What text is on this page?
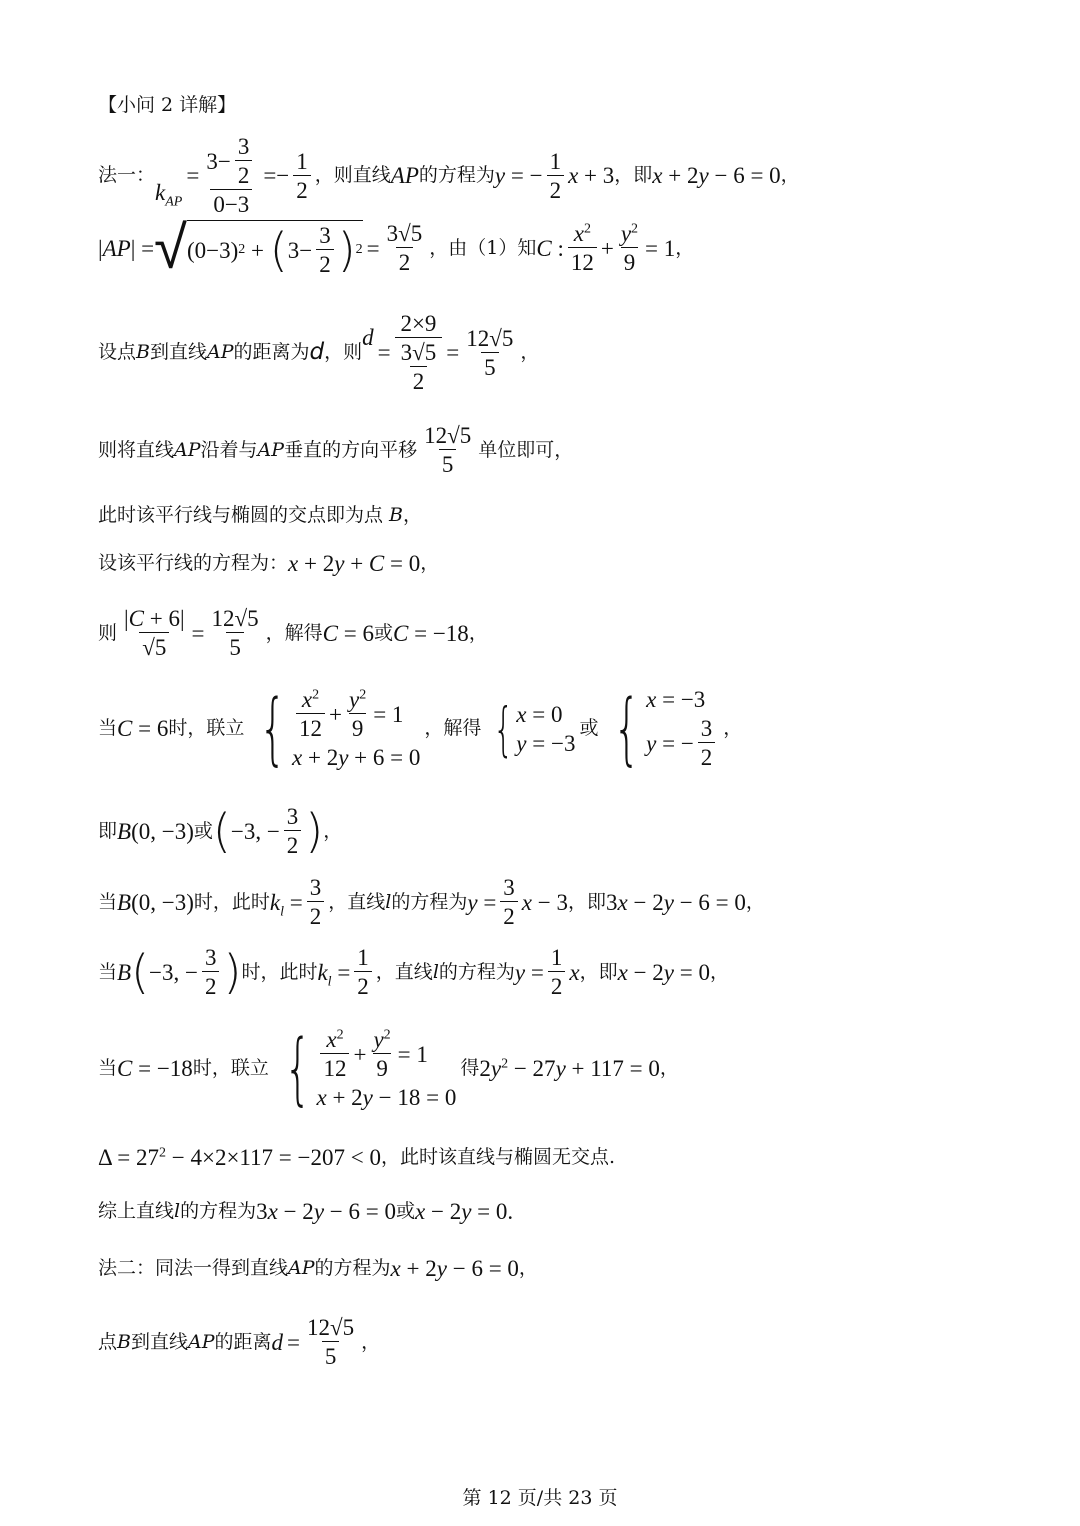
【小问 2 详解】
法一：
$k_{AP}$
= $\frac{3- \frac{3}{2}}{0-3} =- \frac{1}{2}$ ，则直线 AP 的方程为 y = − $\frac{1}{2}$ x + 3 ，即 x + 2y − 6 = 0 ，
|AP| = √ (0−3) 2 + ( $3- \frac{3}{2}$ ) $2 = \frac{3√5}{2}$ ，由（1）知 C : $\frac{x^2}{12} + \frac{y^2}{9} = 1$ ，
设点 B 到直线 AP 的距离为 d ，则
d
= $\frac{2\times 9}{\frac{3√5}{2}} = \frac{12√5}{5}$ ，
则将直线 AP 沿着与 AP 垂直的方向平移 $\frac{12√5}{5}$ 单位即可，
此时该平行线与椭圆的交点即为点 B，
设该平行线的方程为： x + 2y + C = 0 ，
则 $\frac{|C + 6|}{√5} = \frac{12√5}{5}$ ，解得 C = 6 或 C = −18 ，
当 C = 6 时，联立 { $\frac{x^2}{12} + \frac{y^2}{9} = 1$
x + 2y + 6 = 0
，解得 { x = 0
y = −3
或 { x = −3
y = − $\frac{3}{2}$ ，
即 B(0, −3) 或 ( −3, − $\frac{3}{2}$ ) ，
当 B(0, −3) 时，此时 $k_l = \frac{3}{2}$ ，直线 l 的方程为 $y = \frac{3}{2}$ x − 3 ，即 3x − 2y − 6 = 0 ，
当 B ( −3, − $\frac{3}{2}$ ) 时，此时 $k_l = \frac{1}{2}$ ，直线 l 的方程为 $y = \frac{1}{2}$ x ，即 x − 2y = 0 ，
当 C = −18 时，联立 { $\frac{x^2}{12} + \frac{y^2}{9} = 1$
x + 2y − 18 = 0
得 $2y^2 - 27y + 117 = 0$ ，
$\Delta = 27^2 - 4\times 2\times 117 = -207 < 0$ ，此时该直线与椭圆无交点.
综上直线 l 的方程为 3x − 2y − 6 = 0 或 x − 2y = 0.
法二：同法一得到直线 AP 的方程为 x + 2y − 6 = 0 ，
点 B 到直线 AP 的距离 $d = \frac{12√5}{5}$ ，
第 12 页/共 23 页
